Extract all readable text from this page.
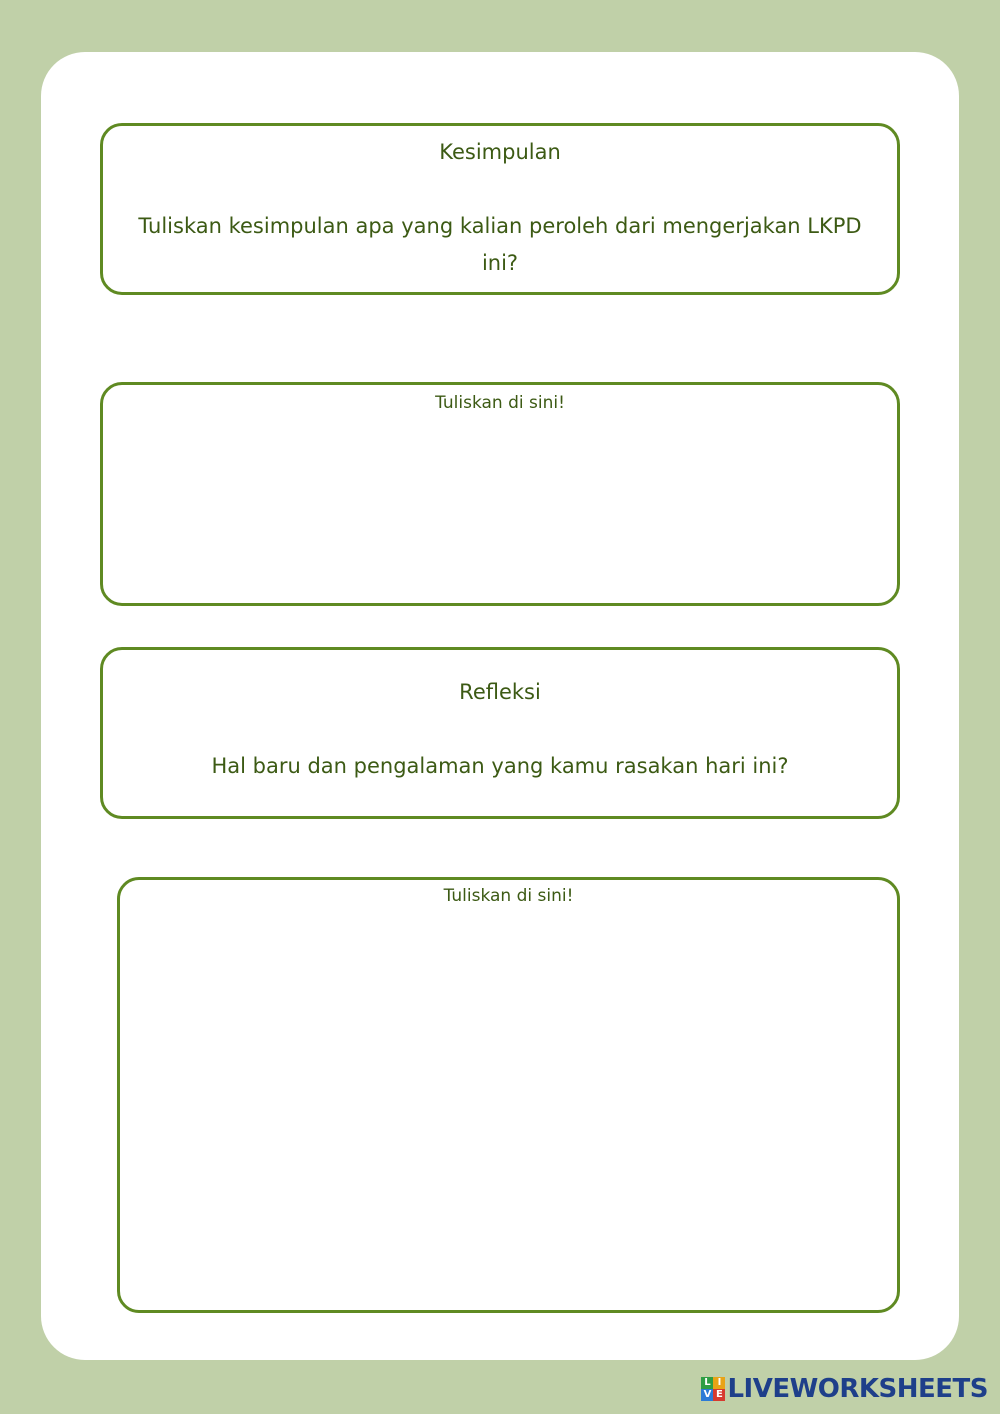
Kesimpulan
Tuliskan kesimpulan apa yang kalian peroleh dari mengerjakan LKPD ini?
Tuliskan di sini!
Refleksi
Hal baru dan pengalaman yang kamu rasakan hari ini?
Tuliskan di sini!
L I
V E LIVEWORKSHEETS
